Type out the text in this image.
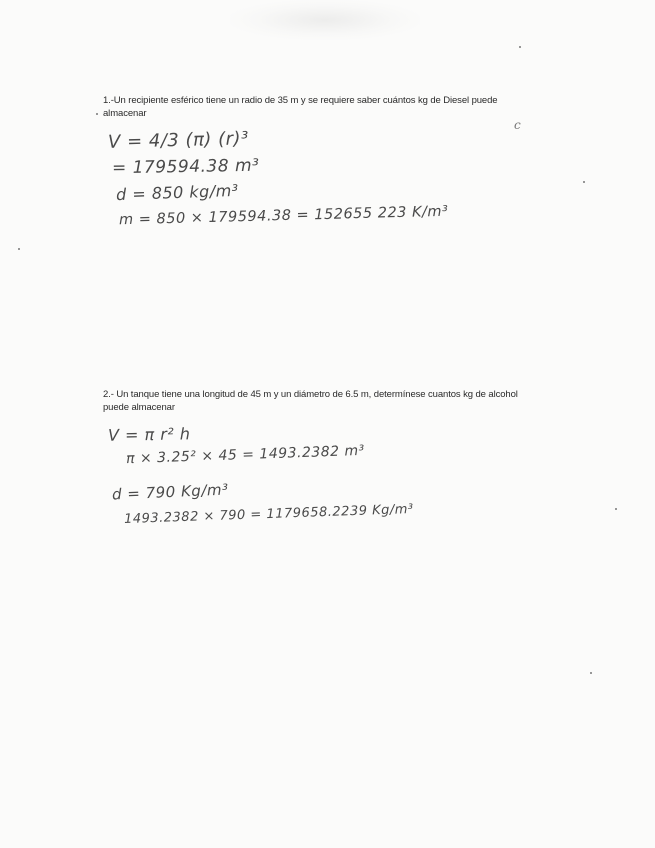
1.-Un recipiente esférico tiene un radio de 35 m y se requiere saber cuántos kg de Diesel puede
almacenar
c
V = 4/3 (π) (r)³
= 179594.38 m³
d = 850 kg/m³
m = 850 × 179594.38 = 152655 223 K/m³
2.- Un tanque tiene una longitud de 45 m y un diámetro de 6.5 m, determínese cuantos kg de alcohol
puede almacenar
V = π r² h
π × 3.25² × 45 = 1493.2382 m³
d = 790 Kg/m³
1493.2382 × 790 = 1179658.2239 Kg/m³
